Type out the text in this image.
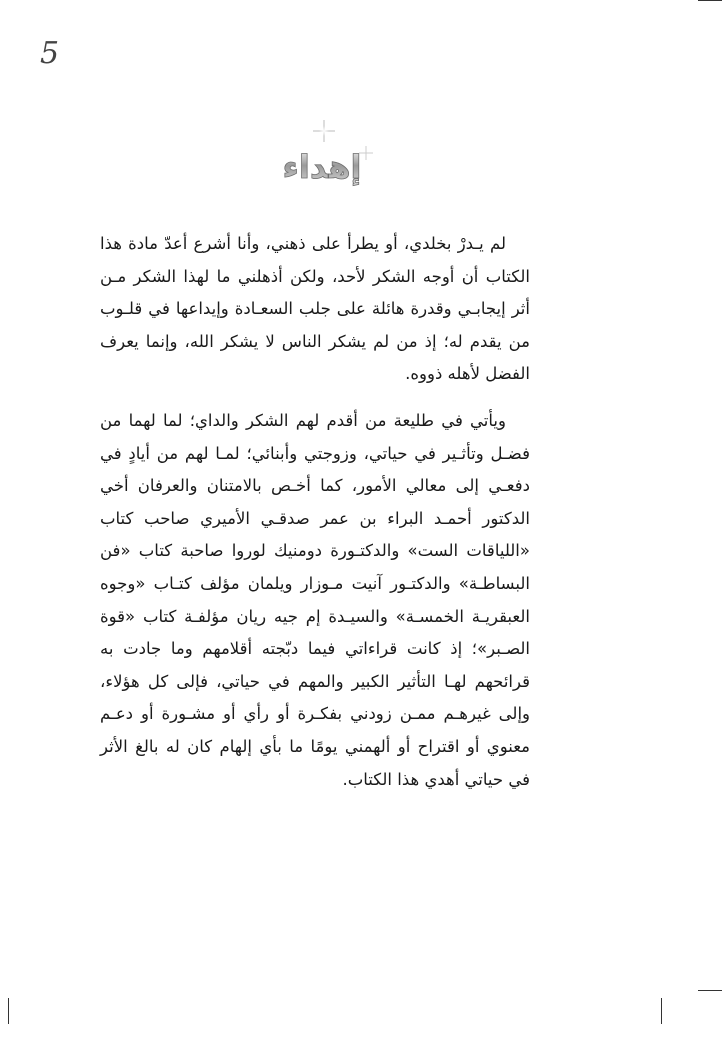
5
إهداء

لم يـدرْ بخلدي، أو يطرأ على ذهني، وأنا أشرع أعدّ مادة هذا الكتاب أن أوجه الشكر لأحد، ولكن أذهلني ما لهذا الشكر مـن أثر إيجابـي وقدرة هائلة على جلب السعـادة وإيداعها في قلـوب من يقدم له؛ إذ من لم يشكر الناس لا يشكر الله، وإنما يعرف الفضل لأهله ذووه.

ويأتي في طليعة من أقدم لهم الشكر والداي؛ لما لهما من فضـل وتأثـير في حياتي، وزوجتي وأبنائي؛ لمـا لهم من أيادٍ في دفعـي إلى معالي الأمور، كما أخـص بالامتنان والعرفان أخي الدكتور أحمـد البراء بن عمر صدقـي الأميري صاحب كتاب «اللياقات الست» والدكتـورة دومنيك لوروا صاحبة كتاب «فن البساطـة» والدكتـور آنيت مـوزار ويلمان مؤلف كتـاب «وجوه العبقريـة الخمسـة» والسيـدة إم جيه ريان مؤلفـة كتاب «قوة الصـبر»؛ إذ كانت قراءاتي فيما دبّجته أقلامهم وما جادت به قرائحهم لهـا التأثير الكبير والمهم في حياتي، فإلى كل هؤلاء، وإلى غيرهـم ممـن زودني بفكـرة أو رأي أو مشـورة أو دعـم معنوي أو اقتراح أو ألهمني يومًا ما بأي إلهام كان له بالغ الأثر في حياتي أهدي هذا الكتاب.
